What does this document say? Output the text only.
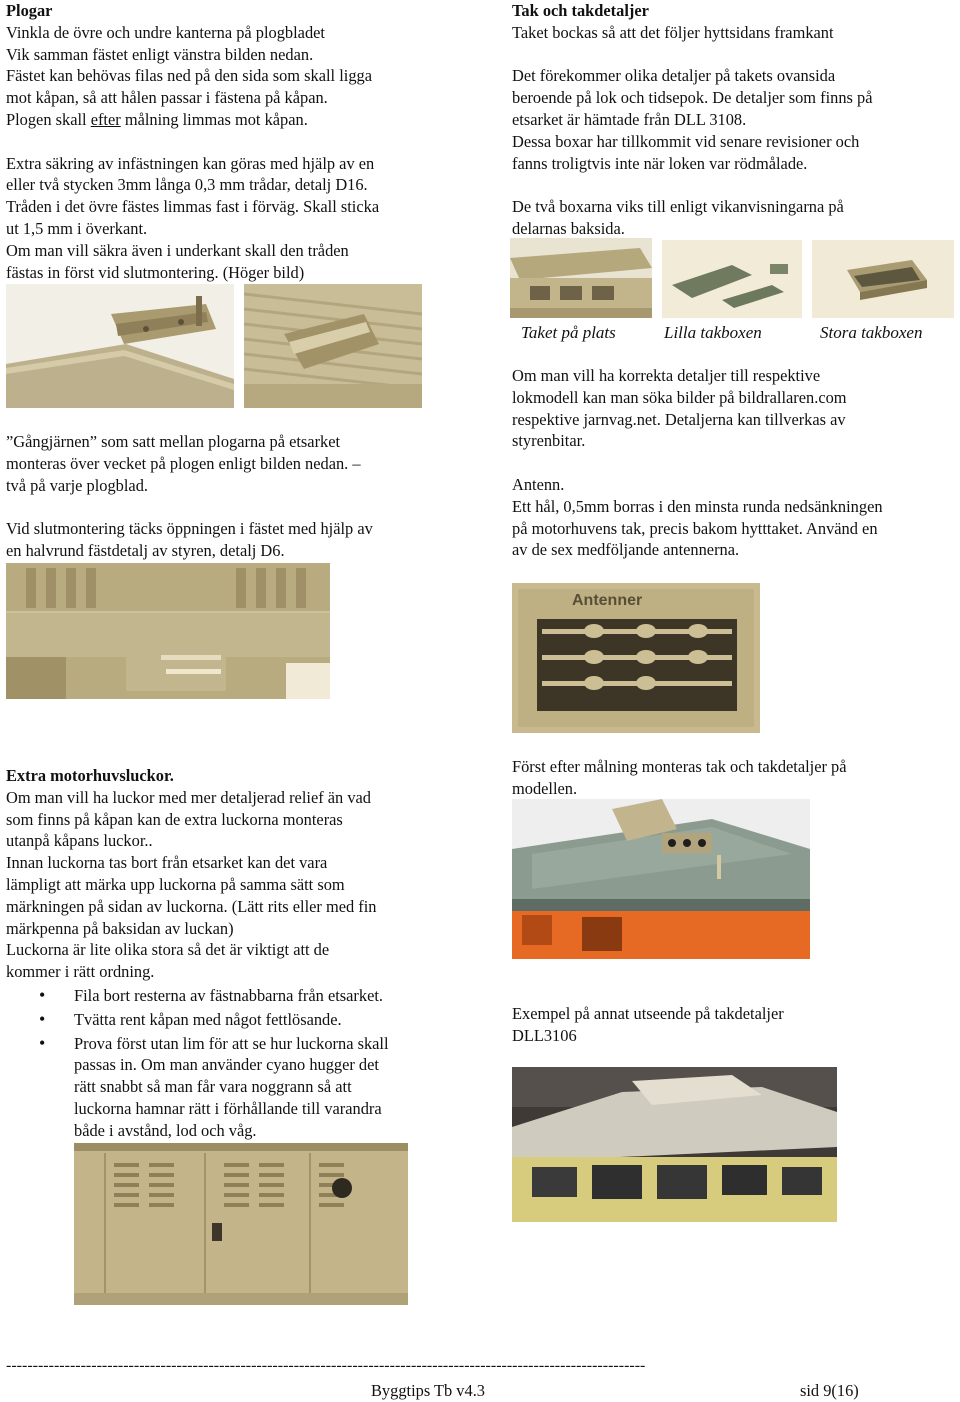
Plogar

Vinkla de övre och undre kanterna på plogbladet

Vik samman fästet enligt vänstra bilden nedan.

Fästet kan behövas filas ned på den sida som skall ligga

mot kåpan, så att hålen passar i fästena på kåpan.

Plogen skall efter målning limmas mot kåpan.

Extra säkring av infästningen kan göras med hjälp av en

eller två stycken 3mm långa 0,3 mm trådar, detalj D16.

Tråden i det övre fästes limmas fast i förväg. Skall sticka

ut 1,5 mm i överkant.

Om man vill säkra även i underkant skall den tråden

fästas in först vid slutmontering. (Höger bild)

”Gångjärnen” som satt mellan plogarna på etsarket

monteras över vecket på plogen enligt bilden nedan. –

två på varje plogblad.

Vid slutmontering täcks öppningen i fästet med hjälp av

en halvrund fästdetalj av styren, detalj D6.

Extra motorhuvsluckor.

Om man vill ha luckor med mer detaljerad relief än vad

som finns på kåpan kan de extra luckorna monteras

utanpå kåpans luckor..

Innan luckorna tas bort från etsarket kan det vara

lämpligt att märka upp luckorna på samma sätt som

märkningen på sidan av luckorna. (Lätt rits eller med fin

märkpenna på baksidan av luckan)

Luckorna är lite olika stora så det är viktigt att de

kommer i rätt ordning.

• Fila bort resterna av fästnabbarna från etsarket.
• Tvätta rent kåpan med något fettlösande.
• Prova först utan lim för att se hur luckorna skall
passas in. Om man använder cyano hugger det
rätt snabbt så man får vara noggrann så att
luckorna hamnar rätt i förhållande till varandra
både i avstånd, lod och våg.

Tak och takdetaljer

Taket bockas så att det följer hyttsidans framkant

Det förekommer olika detaljer på takets ovansida

beroende på lok och tidsepok. De detaljer som finns på

etsarket är hämtade från DLL 3108.

Dessa boxar har tillkommit vid senare revisioner och

fanns troligtvis inte när loken var rödmålade.

De två boxarna viks till enligt vikanvisningarna på

delarnas baksida.

Taket på plats	Lilla takboxen	Stora takboxen

Om man vill ha korrekta detaljer till respektive

lokmodell kan man söka bilder på bildrallaren.com

respektive jarnvag.net. Detaljerna kan tillverkas av

styrenbitar.

Antenn.

Ett hål, 0,5mm borras i den minsta runda nedsänkningen

på motorhuvens tak, precis bakom hytttaket. Använd en

av de sex medföljande antennerna.

Antenner

Först efter målning monteras tak och takdetaljer på

modellen.

Exempel på annat utseende på takdetaljer

DLL3106

------------------------------------------------------------------------------------------------------------------------
Byggtips Tb v4.3	sid 9(16)
